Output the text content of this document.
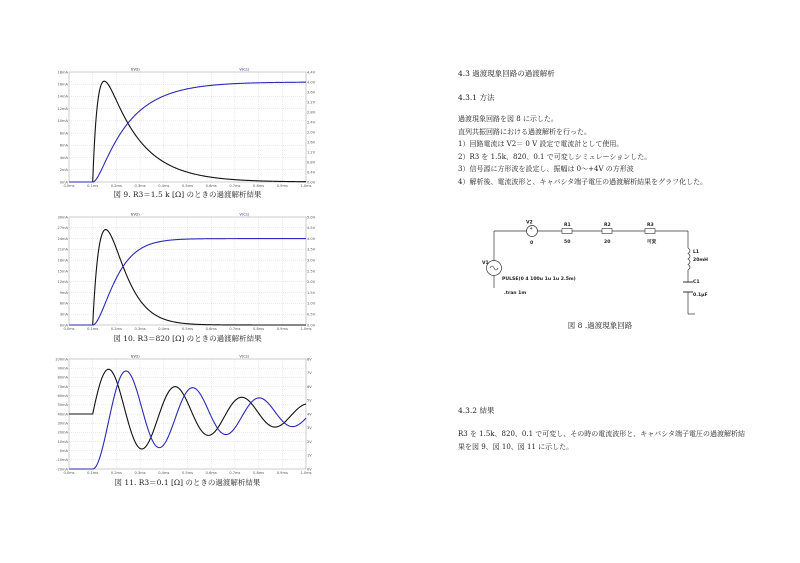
0.0ms	0.1ms	0.2ms	0.3ms	0.4ms	0.5ms	0.6ms	0.7ms	0.8ms	0.9ms	1.0ms
0mA
2mA
4mA
6mA
8mA
10mA
12mA
14mA
16mA
18mA
0.0V
0.4V
0.8V
1.2V
1.6V
2.0V
2.4V
2.8V
3.2V
3.6V
4.0V
4.4V
I(V2)	V(C1)
図 9. R3＝1.5 k [Ω] のときの過渡解析結果
0.0ms	0.1ms	0.2ms	0.3ms	0.4ms	0.5ms	0.6ms	0.7ms	0.8ms	0.9ms	1.0ms
0mA
3mA
6mA
9mA
12mA
15mA
18mA
21mA
24mA
27mA
30mA
0.0V
0.5V
1.0V
1.5V
2.0V
2.5V
3.0V
3.5V
4.0V
4.5V
5.0V
I(V2)	V(C1)
図 10. R3＝820 [Ω] のときの過渡解析結果
0.0ms	0.1ms	0.2ms	0.3ms	0.4ms	0.5ms	0.6ms	0.7ms	0.8ms	0.9ms	1.0ms
-20mA
-10mA
0mA
10mA
20mA
30mA
40mA
50mA
60mA
70mA
80mA
90mA
100mA
0V
1V
2V
3V
4V
5V
6V
7V
8V
I(V2)	V(C1)
図 11. R3＝0.1 [Ω] のときの過渡解析結果
4.3 過渡現象回路の過渡解析
4.3.1 方法
過渡現象回路を図 8 に示した。
直列共振回路における過渡解析を行った。
1）回路電流は V2＝ 0 V 設定で電流計として使用。
2）R3 を 1.5k、820、0.1 で可変しシミュレーションした。
3）信号源に方形波を設定し、振幅は 0～+4V の方形波
4）解析後、電流波形と、キャパシタ端子電圧の過渡解析結果をグラフ化した。
+
V2
0
R1
50
R2
20
R3
可変
L1
20mH
C1
0.1μF
V1
PULSE(0 4 100u 1u 1u 2.5m)
.tran 1m
図 8 .過渡現象回路
4.3.2 結果
R3 を 1.5k、820、0.1 で可変し、その時の電流波形と、キャパシタ端子電圧の過渡解析結
果を図 9、図 10、図 11 に示した。
